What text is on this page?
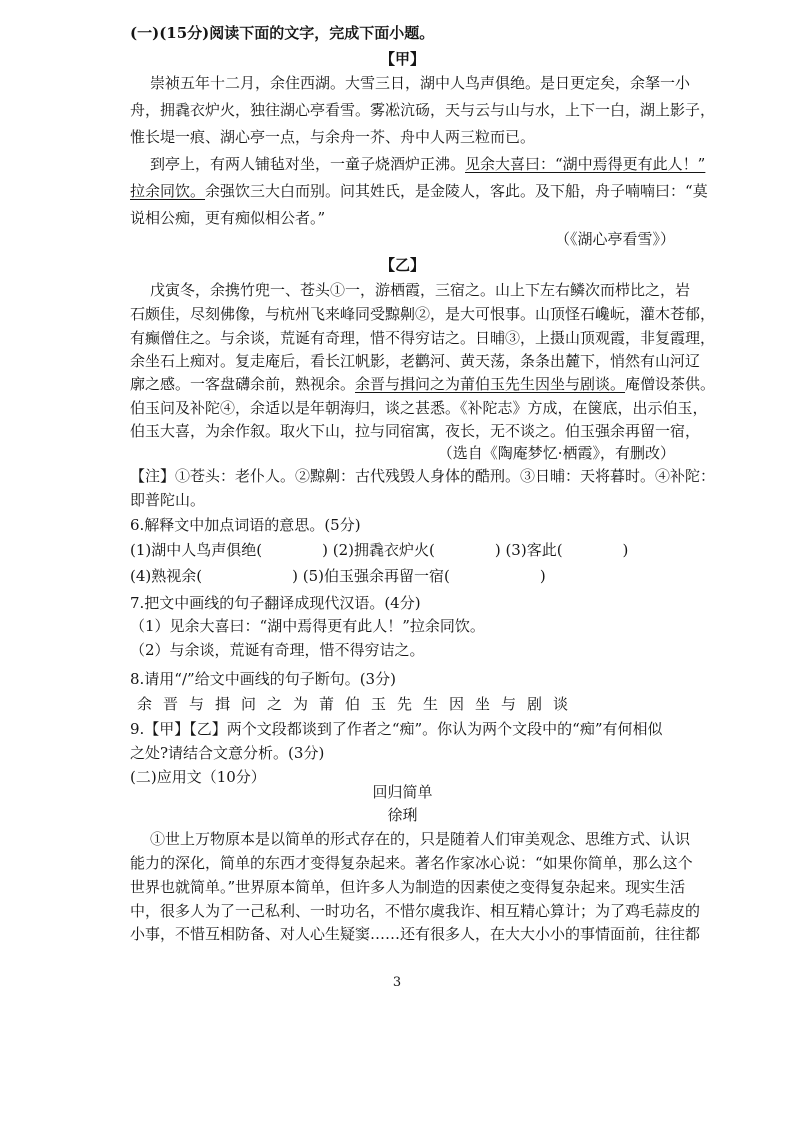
(一)(15分)阅读下面的文字，完成下面小题。
【甲】
崇祯五年十二月，余住西湖。大雪三日，湖中人鸟声俱绝。是日更定矣，余拏一小
舟，拥毳衣炉火，独往湖心亭看雪。雾凇沆砀，天与云与山与水，上下一白，湖上影子，
惟长堤一痕、湖心亭一点，与余舟一芥、舟中人两三粒而已。
到亭上，有两人铺毡对坐，一童子烧酒炉正沸。见余大喜曰：“湖中焉得更有此人！”
拉余同饮。余强饮三大白而别。问其姓氏，是金陵人，客此。及下船，舟子喃喃曰：“莫
说相公痴，更有痴似相公者。”
（《湖心亭看雪》）
【乙】
戊寅冬，余携竹兜一、苍头①一，游栖霞，三宿之。山上下左右鳞次而栉比之，岩
石颇佳，尽刻佛像，与杭州飞来峰同受黥劓②，是大可恨事。山顶怪石巉岏，灌木苍郁，
有癫僧住之。与余谈，荒诞有奇理，惜不得穷诘之。日晡③，上摄山顶观霞，非复霞理，
余坐石上痴对。复走庵后，看长江帆影，老鹳河、黄天荡，条条出麓下，悄然有山河辽
廓之感。一客盘礴余前，熟视余。余晋与揖问之为莆伯玉先生因坐与剧谈。庵僧设茶供。
伯玉问及补陀④，余适以是年朝海归，谈之甚悉。《补陀志》方成，在箧底，出示伯玉，
伯玉大喜，为余作叙。取火下山，拉与同宿寓，夜长，无不谈之。伯玉强余再留一宿，
（选自《陶庵梦忆·栖霞》，有删改）
【注】①苍头：老仆人。②黥劓：古代残毁人身体的酷刑。③日晡：天将暮时。④补陀：
即普陀山。
6.解释文中加点词语的意思。(5分)
(1)湖中人鸟声俱绝(　　　　) (2)拥毳衣炉火(　　　　) (3)客此(　　　　)
(4)熟视余(　　　　　　) (5)伯玉强余再留一宿(　　　　　　)
7.把文中画线的句子翻译成现代汉语。(4分)
（1）见余大喜曰：“湖中焉得更有此人！”拉余同饮。
（2）与余谈，荒诞有奇理，惜不得穷诘之。
8.请用“/”给文中画线的句子断句。(3分)
余晋与揖问之为莆伯玉先生因坐与剧谈
9.【甲】【乙】两个文段都谈到了作者之“痴”。你认为两个文段中的“痴”有何相似
之处?请结合文意分析。(3分)
(二)应用文（10分）
回归简单
徐琍
①世上万物原本是以简单的形式存在的，只是随着人们审美观念、思维方式、认识
能力的深化，简单的东西才变得复杂起来。著名作家冰心说：“如果你简单，那么这个
世界也就简单。”世界原本简单，但许多人为制造的因素使之变得复杂起来。现实生活
中，很多人为了一己私利、一时功名，不惜尔虞我诈、相互精心算计；为了鸡毛蒜皮的
小事，不惜互相防备、对人心生疑窦……还有很多人，在大大小小的事情面前，往往都
3
